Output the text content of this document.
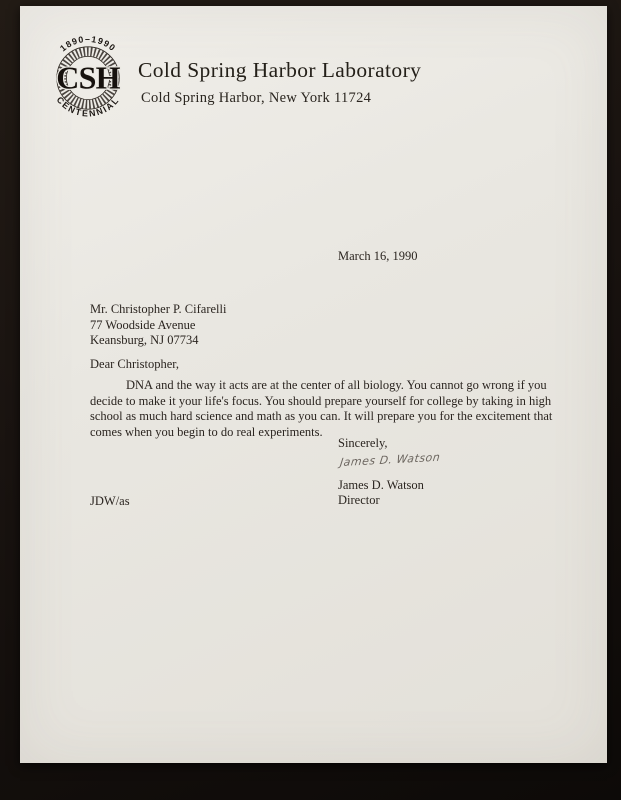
1890–1990
CENTENNIAL
CSH Cold Spring Harbor Laboratory
Cold Spring Harbor, New York 11724
March 16, 1990
Mr. Christopher P. Cifarelli
77 Woodside Avenue
Keansburg, NJ 07734
Dear Christopher,
DNA and the way it acts are at the center of all biology. You cannot go wrong if you decide to make it your life's focus. You should prepare yourself for college by taking in high school as much hard science and math as you can. It will prepare you for the excitement that comes when you begin to do real experiments.
Sincerely,
James D. Watson
James D. Watson
Director
JDW/as
